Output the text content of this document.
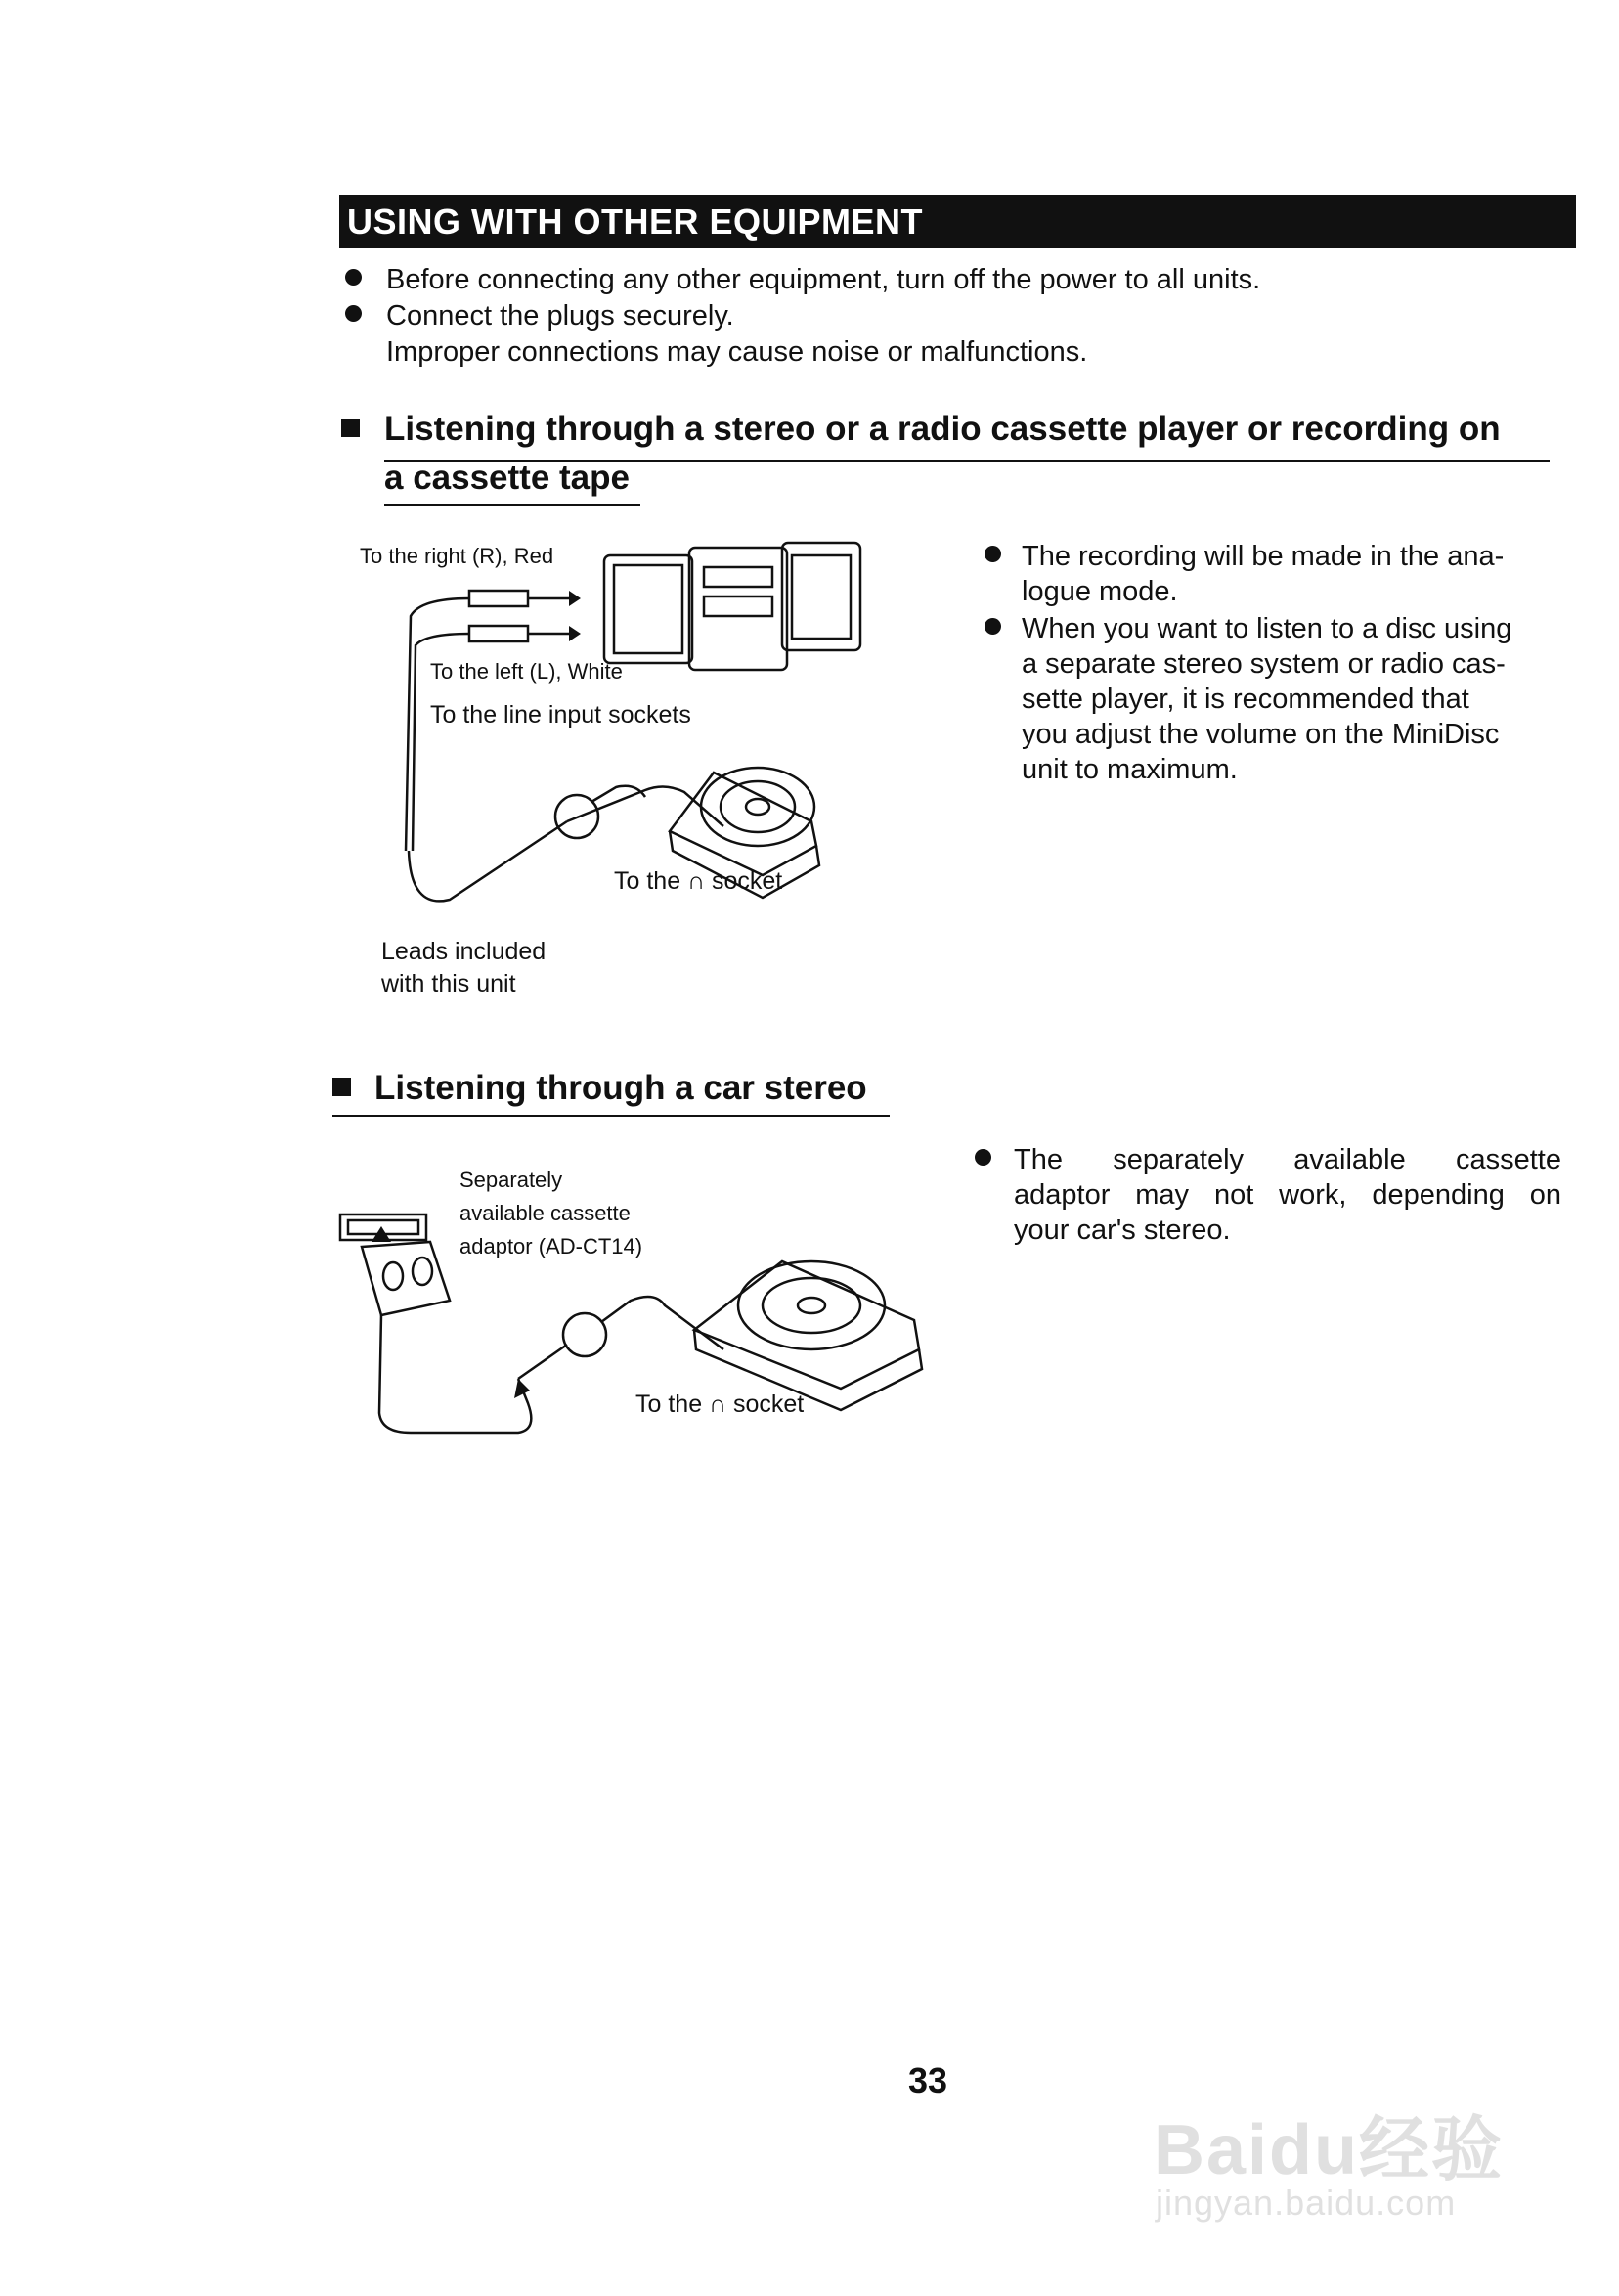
USING WITH OTHER EQUIPMENT
Before connecting any other equipment, turn off the power to all units.
Connect the plugs securely.
Improper connections may cause noise or malfunctions.
Listening through a stereo or a radio cassette player or recording on
a cassette tape
To the right (R), Red
To the left (L), White
To the line input sockets
To the ∩ socket
Leads included
with this unit

The recording will be made in the ana-

logue mode.

When you want to listen to a disc using

a separate stereo system or radio cas-

sette player, it is recommended that

you adjust the volume on the MiniDisc

unit to maximum.

Listening through a car stereo
Separately
available cassette
adaptor (AD-CT14)
To the ∩ socket

The separately available cassette

adaptor may not work, depending on

your car's stereo.

33
Baidu经验
jingyan.baidu.com
